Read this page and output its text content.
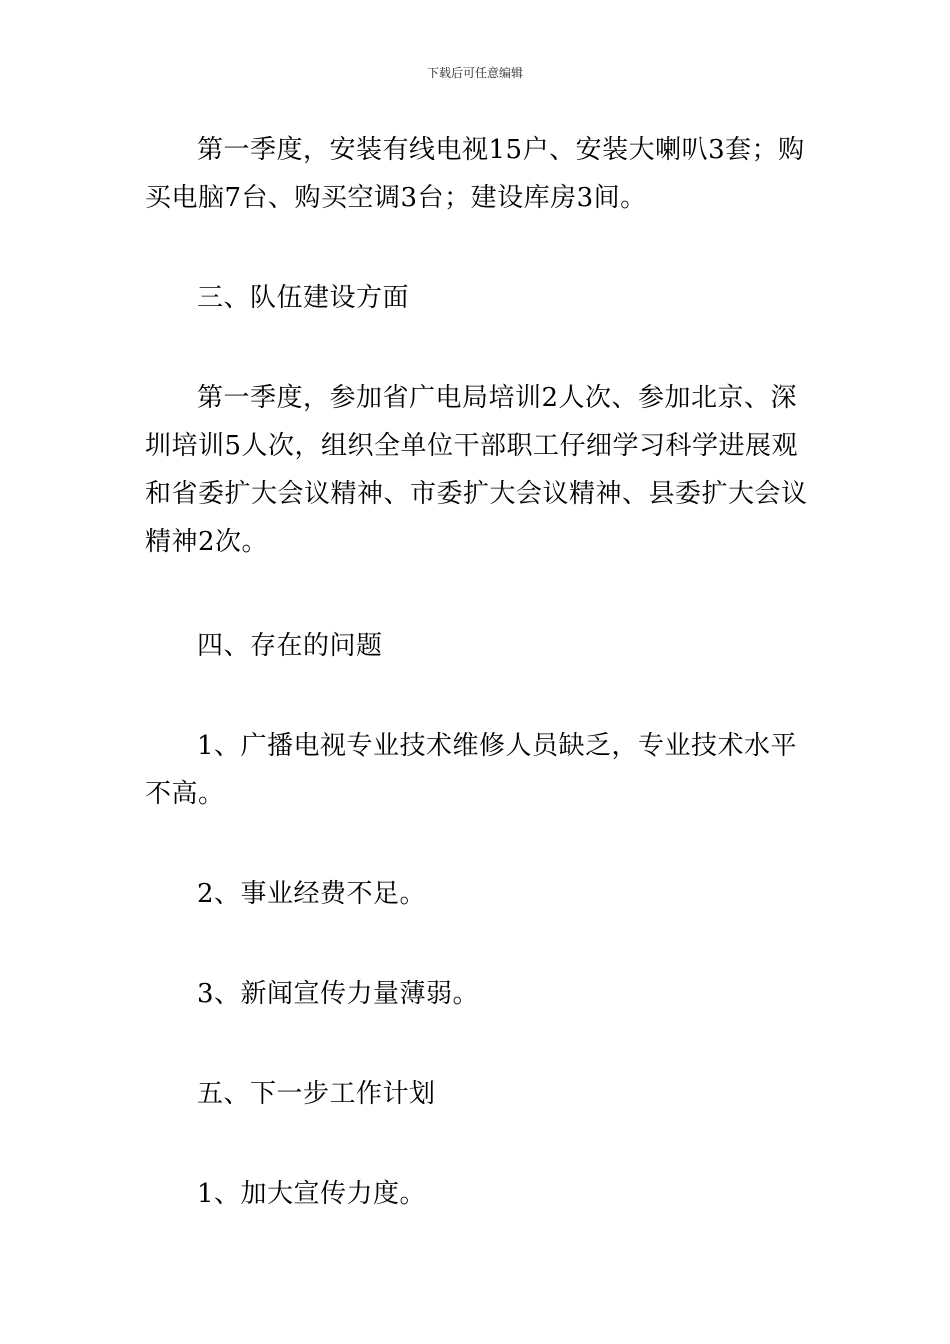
下载后可任意编辑

第一季度，安装有线电视15户、安装大喇叭3套；购买电脑7台、购买空调3台；建设库房3间。

三、队伍建设方面

第一季度，参加省广电局培训2人次、参加北京、深圳培训5人次，组织全单位干部职工仔细学习科学进展观和省委扩大会议精神、市委扩大会议精神、县委扩大会议精神2次。

四、存在的问题

1、广播电视专业技术维修人员缺乏，专业技术水平不高。

2、事业经费不足。

3、新闻宣传力量薄弱。

五、下一步工作计划

1、加大宣传力度。
